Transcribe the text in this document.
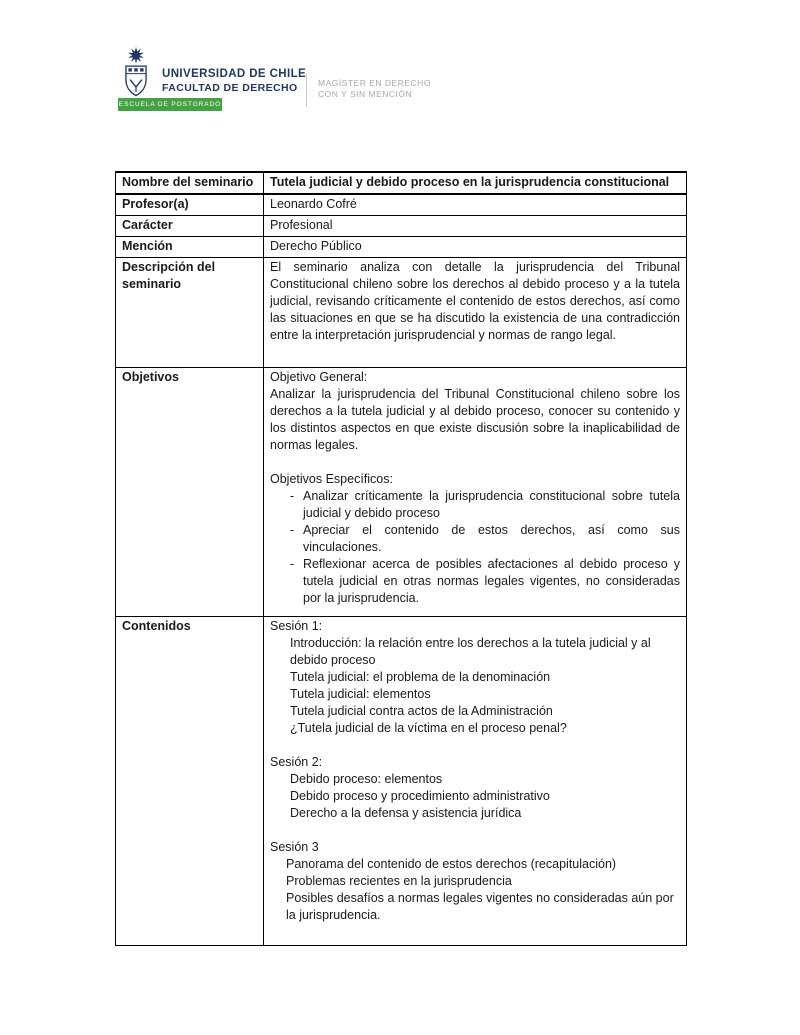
UNIVERSIDAD DE CHILE
FACULTAD DE DERECHO
ESCUELA DE POSTGRADO
MAGÍSTER EN DERECHO
CON Y SIN MENCIÓN
Nombre del seminario	Tutela judicial y debido proceso en la jurisprudencia constitucional
Profesor(a)	Leonardo Cofré
Carácter	Profesional
Mención	Derecho Público
Descripción del seminario	El seminario analiza con detalle la jurisprudencia del Tribunal Constitucional chileno sobre los derechos al debido proceso y a la tutela judicial, revisando críticamente el contenido de estos derechos, así como las situaciones en que se ha discutido la existencia de una contradicción entre la interpretación jurisprudencial y normas de rango legal.
Objetivos	Objetivo General:
Analizar la jurisprudencia del Tribunal Constitucional chileno sobre los derechos a la tutela judicial y al debido proceso, conocer su contenido y los distintos aspectos en que existe discusión sobre la inaplicabilidad de normas legales.
Objetivos Específicos:
- Analizar críticamente la jurisprudencia constitucional sobre tutela judicial y debido proceso
- Apreciar el contenido de estos derechos, así como sus vinculaciones.
- Reflexionar acerca de posibles afectaciones al debido proceso y tutela judicial en otras normas legales vigentes, no consideradas por la jurisprudencia.

Contenidos	Sesión 1:
Introducción: la relación entre los derechos a la tutela judicial y al debido proceso
Tutela judicial: el problema de la denominación
Tutela judicial: elementos
Tutela judicial contra actos de la Administración
¿Tutela judicial de la víctima en el proceso penal?
Sesión 2:
Debido proceso: elementos
Debido proceso y procedimiento administrativo
Derecho a la defensa y asistencia jurídica
Sesión 3
Panorama del contenido de estos derechos (recapitulación)
Problemas recientes en la jurisprudencia
Posibles desafíos a normas legales vigentes no consideradas aún por la jurisprudencia.
